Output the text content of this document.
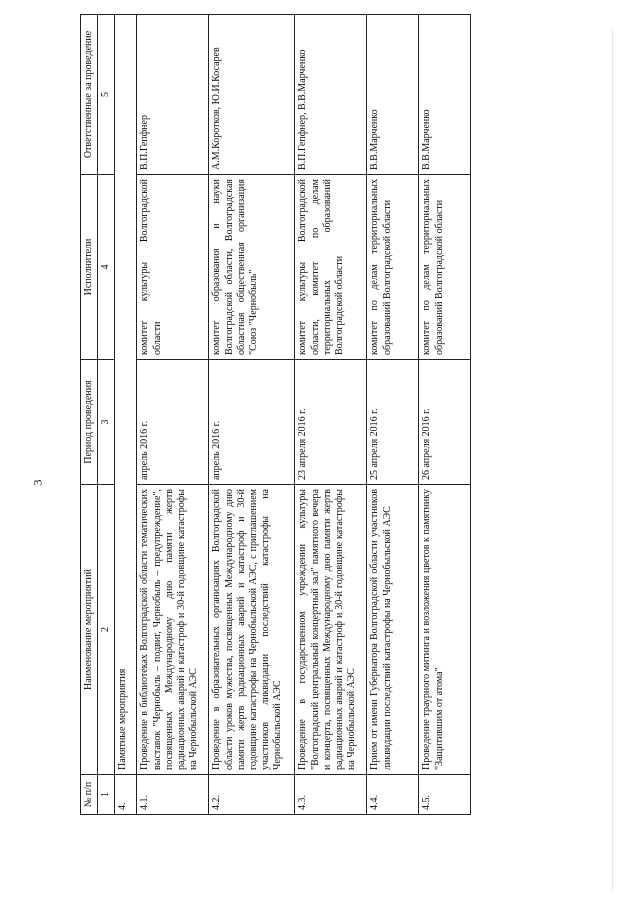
3
№ п/п	Наименование мероприятий	Период проведения	Исполнители	Ответственные за проведение
1	2	3	4	5
4.	Памятные мероприятия			
4.1.	Проведение в библиотеках Волгоградской области тематических выставок "Чернобыль – подвиг, Чернобыль – предупреждение", посвященных Международному дню памяти жертв радиационных аварий и катастроф и 30-й годовщине катастрофы на Чернобыльской АЭС	апрель 2016 г.	комитет культуры Волгоградской области	В.П.Гепфнер
4.2.	Проведение в образовательных организациях Волгоградской области уроков мужества, посвященных Международному дню памяти жертв радиационных аварий и катастроф и 30-й годовщине катастрофы на Чернобыльской АЭС, с приглашением участников ликвидации последствий катастрофы на Чернобыльской АЭС	апрель 2016 г.	комитет образования и науки Волгоградской области, Волгоградская областная общественная организация "Союз "Чернобыль"	А.М.Коротков, Ю.И.Косарев
4.3.	Проведение в государственном учреждении культуры "Волгоградский центральный концертный зал" памятного вечера и концерта, посвященных Международному дню памяти жертв радиационных аварий и катастроф и 30-й годовщине катастрофы на Чернобыльской АЭС	23 апреля 2016 г.	комитет культуры Волгоградской области, комитет по делам территориальных образований Волгоградской области	В.П.Гепфнер, В.В.Марченко
4.4.	Прием от имени Губернатора Волгоградской области участников ликвидации последствий катастрофы на Чернобыльской АЭС	25 апреля 2016 г.	комитет по делам территориальных образований Волгоградской области	В.В.Марченко
4.5.	Проведение траурного митинга и возложения цветов к памятнику "Защитившим от атома"	26 апреля 2016 г.	комитет по делам территориальных образований Волгоградской области	В.В.Марченко
